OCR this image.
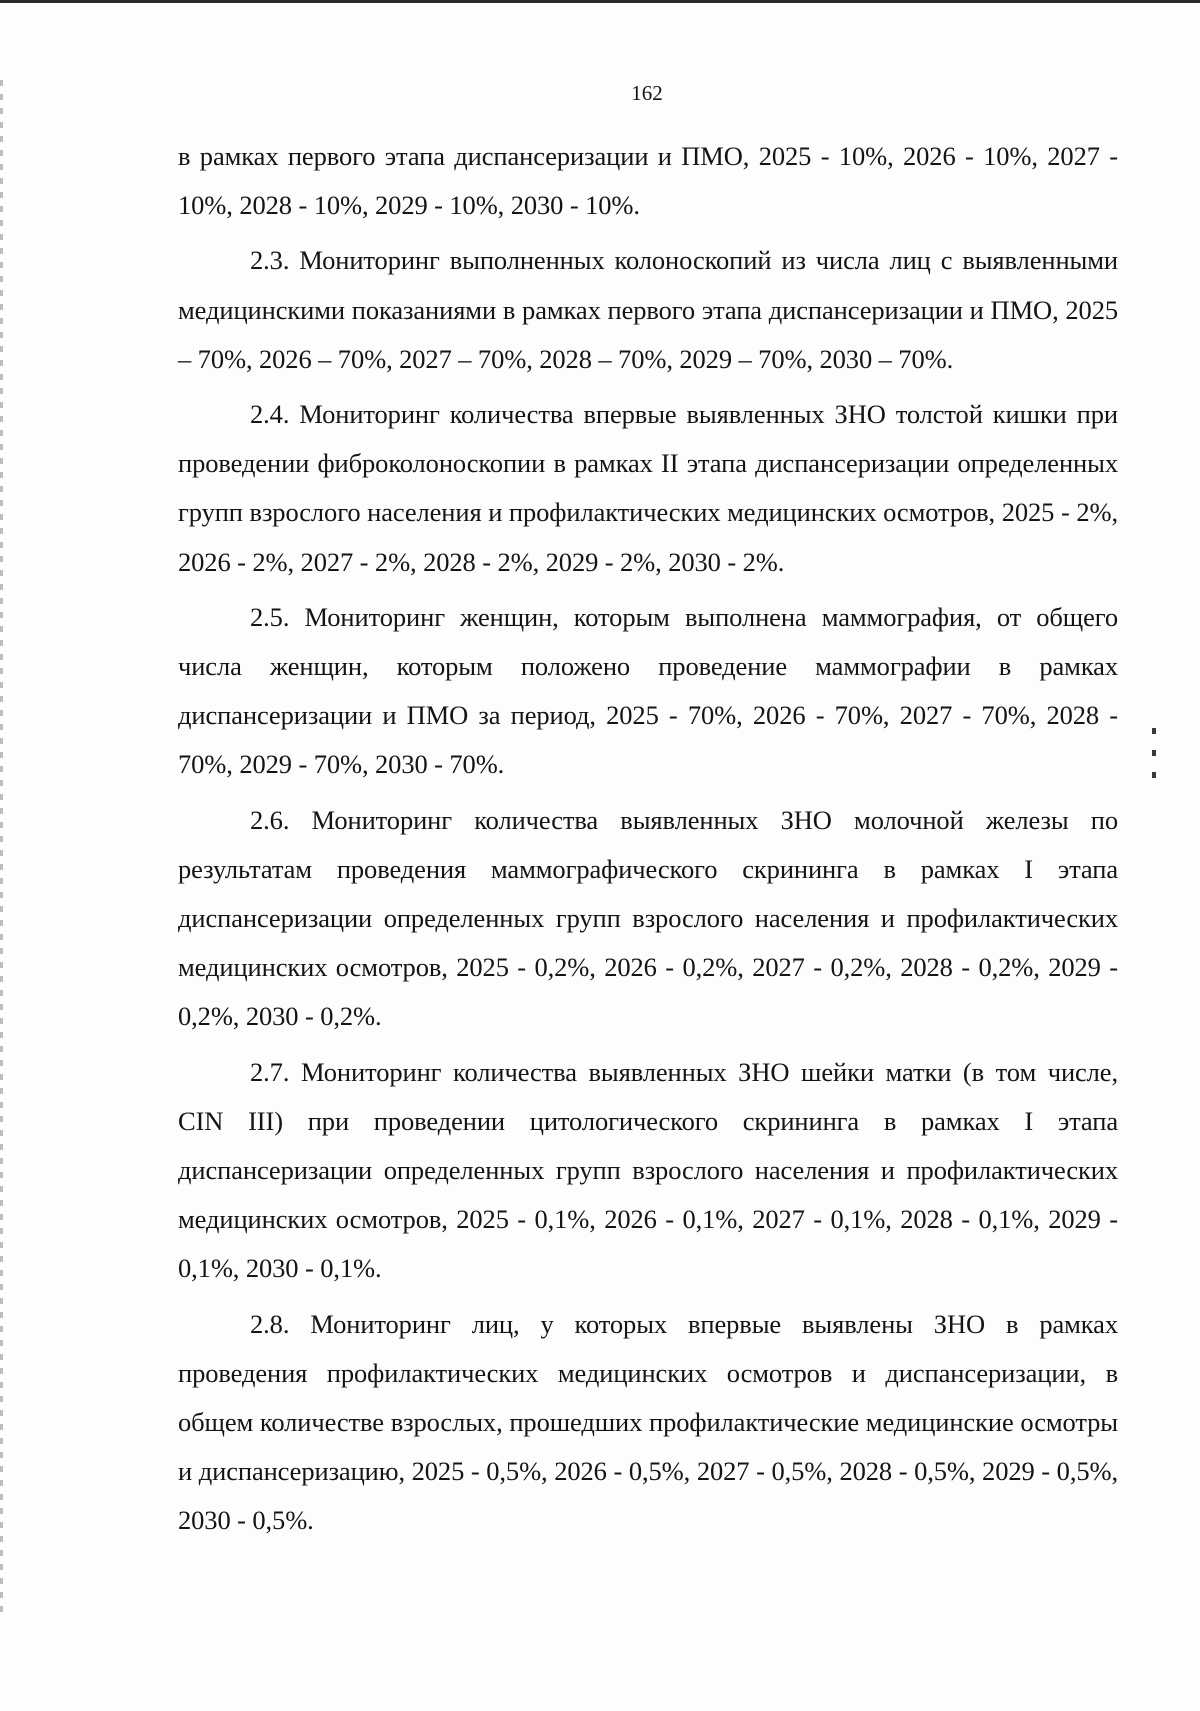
162

в рамках первого этапа диспансеризации и ПМО, 2025 - 10%, 2026 - 10%, 2027 - 10%, 2028 - 10%, 2029 - 10%, 2030 - 10%.

2.3. Мониторинг выполненных колоноскопий из числа лиц с выявленными медицинскими показаниями в рамках первого этапа диспансеризации и ПМО, 2025 – 70%, 2026 – 70%, 2027 – 70%, 2028 – 70%, 2029 – 70%, 2030 – 70%.

2.4. Мониторинг количества впервые выявленных ЗНО толстой кишки при проведении фиброколоноскопии в рамках II этапа диспансеризации определенных групп взрослого населения и профилактических медицинских осмотров, 2025 - 2%, 2026 - 2%, 2027 - 2%, 2028 - 2%, 2029 - 2%, 2030 - 2%.

2.5. Мониторинг женщин, которым выполнена маммография, от общего числа женщин, которым положено проведение маммографии в рамках диспансеризации и ПМО за период, 2025 - 70%, 2026 - 70%, 2027 - 70%, 2028 - 70%, 2029 - 70%, 2030 - 70%.

2.6. Мониторинг количества выявленных ЗНО молочной железы по результатам проведения маммографического скрининга в рамках I этапа диспансеризации определенных групп взрослого населения и профилактических медицинских осмотров, 2025 - 0,2%, 2026 - 0,2%, 2027 - 0,2%, 2028 - 0,2%, 2029 - 0,2%, 2030 - 0,2%.

2.7. Мониторинг количества выявленных ЗНО шейки матки (в том числе, CIN III) при проведении цитологического скрининга в рамках I этапа диспансеризации определенных групп взрослого населения и профилактических медицинских осмотров, 2025 - 0,1%, 2026 - 0,1%, 2027 - 0,1%, 2028 - 0,1%, 2029 - 0,1%, 2030 - 0,1%.

2.8. Мониторинг лиц, у которых впервые выявлены ЗНО в рамках проведения профилактических медицинских осмотров и диспансеризации, в общем количестве взрослых, прошедших профилактические медицинские осмотры и диспансеризацию, 2025 - 0,5%, 2026 - 0,5%, 2027 - 0,5%, 2028 - 0,5%, 2029 - 0,5%, 2030 - 0,5%.
